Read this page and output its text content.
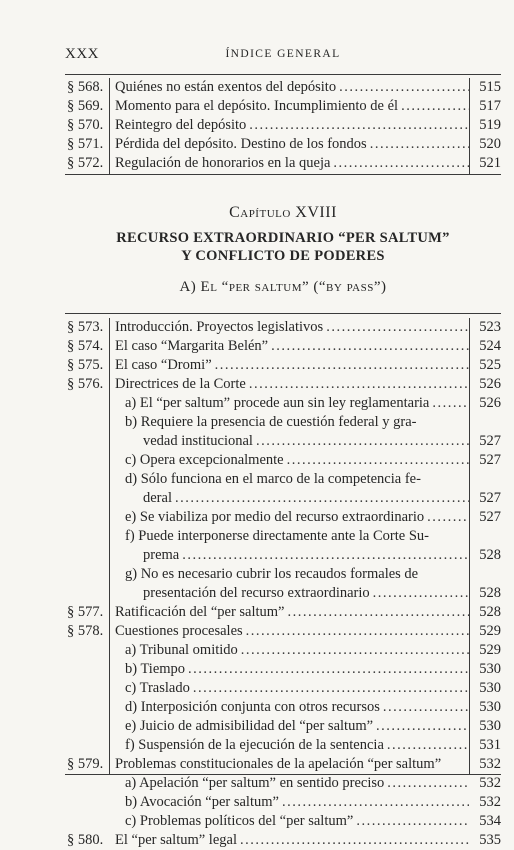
XXX	ÍNDICE GENERAL
§ 568. Quiénes no están exentos del depósito .....	515
§ 569. Momento para el depósito. Incumplimiento de él .....	517
§ 570. Reintegro del depósito .....	519
§ 571. Pérdida del depósito. Destino de los fondos .....	520
§ 572. Regulación de honorarios en la queja .....	521
Capítulo XVIII
RECURSO EXTRAORDINARIO “PER SALTUM”
Y CONFLICTO DE PODERES
A) El “per saltum” (“by pass”)
§ 573. Introducción. Proyectos legislativos .....	523
§ 574. El caso “Margarita Belén” .....	524
§ 575. El caso “Dromi” .....	525
§ 576. Directrices de la Corte .....	526
a) El “per saltum” procede aun sin ley reglamentaria .....	526
b) Requiere la presencia de cuestión federal y gra-
vedad institucional .....	527
c) Opera excepcionalmente .....	527
d) Sólo funciona en el marco de la competencia fe-
deral .....	527
e) Se viabiliza por medio del recurso extraordinario .....	527
f) Puede interponerse directamente ante la Corte Su-
prema .....	528
g) No es necesario cubrir los recaudos formales de
presentación del recurso extraordinario .....	528
§ 577. Ratificación del “per saltum” .....	528
§ 578. Cuestiones procesales .....	529
a) Tribunal omitido .....	529
b) Tiempo .....	530
c) Traslado .....	530
d) Interposición conjunta con otros recursos .....	530
e) Juicio de admisibilidad del “per saltum” .....	530
f) Suspensión de la ejecución de la sentencia .....	531
§ 579. Problemas constitucionales de la apelación “per saltum”	532
a) Apelación “per saltum” en sentido preciso .....	532
b) Avocación “per saltum” .....	532
c) Problemas políticos del “per saltum” .....	534
§ 580. El “per saltum” legal .....	535
